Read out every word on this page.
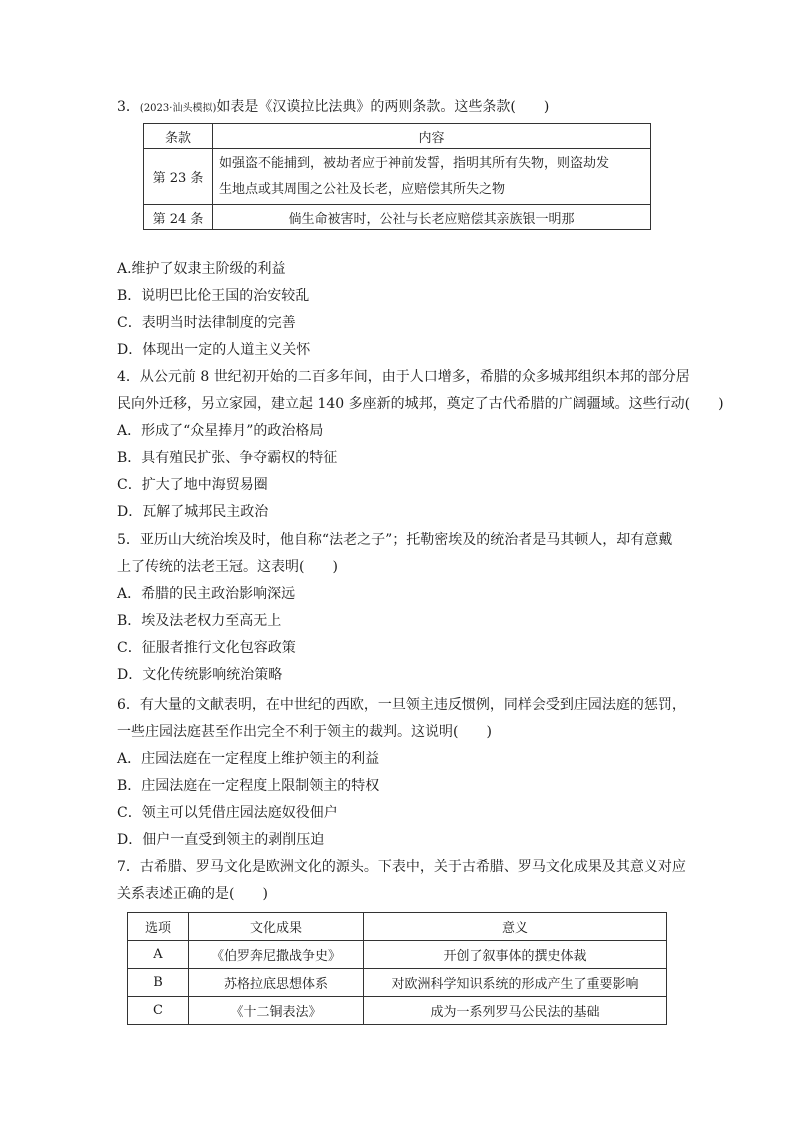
3．(2023·汕头模拟)如表是《汉谟拉比法典》的两则条款。这些条款(　　)
条款	内容
第 23 条	如强盗不能捕到，被劫者应于神前发誓，指明其所有失物，则盗劫发
生地点或其周围之公社及长老，应赔偿其所失之物

第 24 条	倘生命被害时，公社与长老应赔偿其亲族银一明那
A.维护了奴隶主阶级的利益
B．说明巴比伦王国的治安较乱
C．表明当时法律制度的完善
D．体现出一定的人道主义关怀
4．从公元前 8 世纪初开始的二百多年间，由于人口增多，希腊的众多城邦组织本邦的部分居
民向外迁移，另立家园，建立起 140 多座新的城邦，奠定了古代希腊的广阔疆域。这些行动(　　)
A．形成了“众星捧月”的政治格局
B．具有殖民扩张、争夺霸权的特征
C．扩大了地中海贸易圈
D．瓦解了城邦民主政治
5．亚历山大统治埃及时，他自称“法老之子”；托勒密埃及的统治者是马其顿人，却有意戴
上了传统的法老王冠。这表明(　　)
A．希腊的民主政治影响深远
B．埃及法老权力至高无上
C．征服者推行文化包容政策
D．文化传统影响统治策略
6．有大量的文献表明，在中世纪的西欧，一旦领主违反惯例，同样会受到庄园法庭的惩罚，
一些庄园法庭甚至作出完全不利于领主的裁判。这说明(　　)
A．庄园法庭在一定程度上维护领主的利益
B．庄园法庭在一定程度上限制领主的特权
C．领主可以凭借庄园法庭奴役佃户
D．佃户一直受到领主的剥削压迫
7．古希腊、罗马文化是欧洲文化的源头。下表中，关于古希腊、罗马文化成果及其意义对应
关系表述正确的是(　　)
选项	文化成果	意义
A	《伯罗奔尼撒战争史》	开创了叙事体的撰史体裁
B	苏格拉底思想体系	对欧洲科学知识系统的形成产生了重要影响
C	《十二铜表法》	成为一系列罗马公民法的基础
